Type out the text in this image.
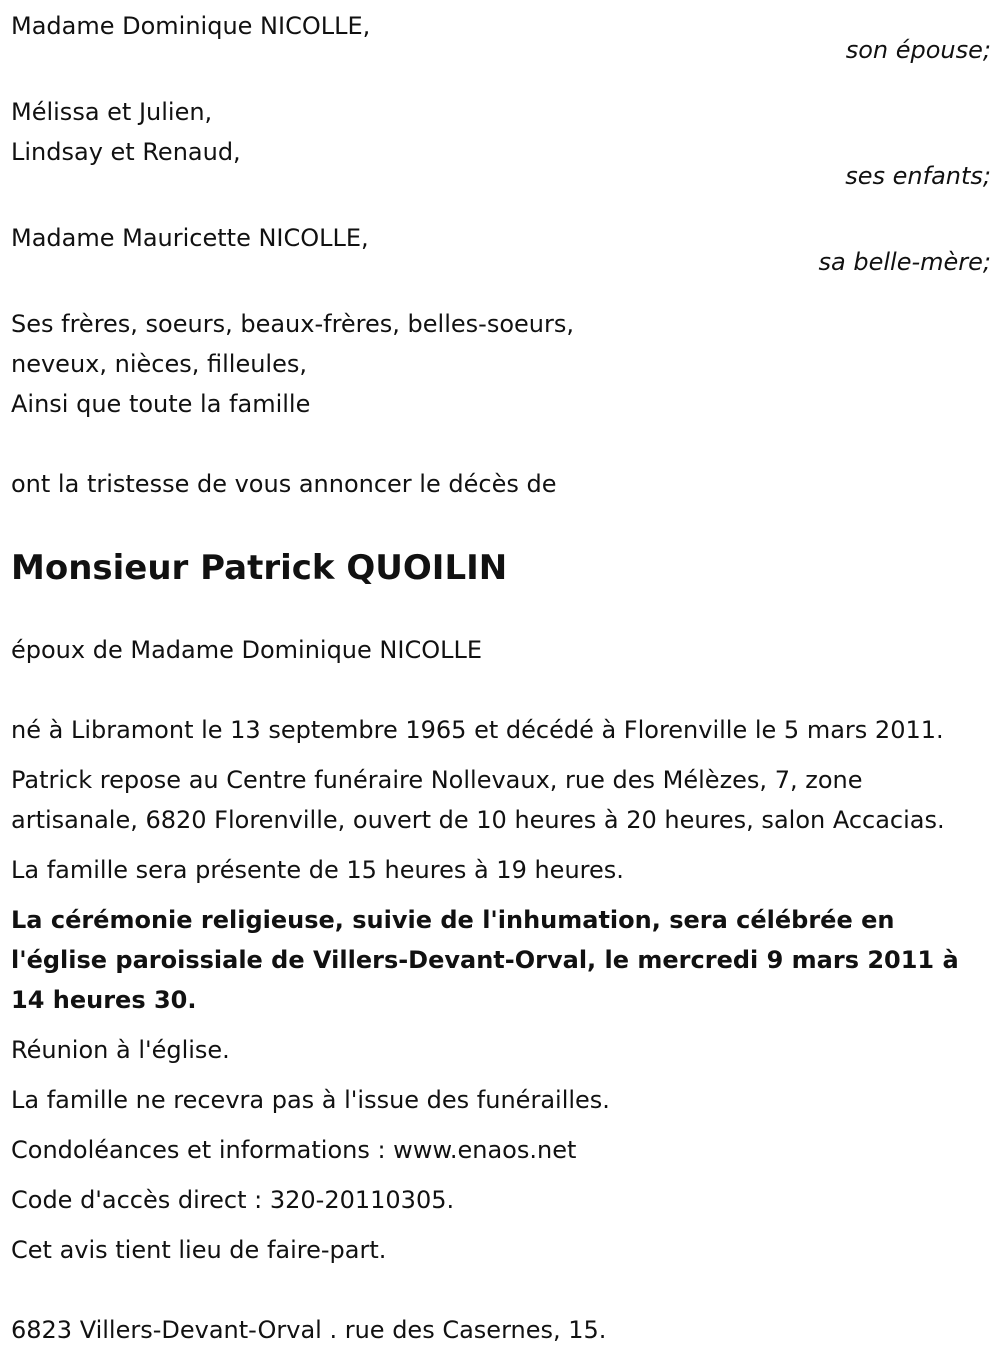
Madame Dominique NICOLLE,
son épouse;
Mélissa et Julien,
Lindsay et Renaud,
ses enfants;
Madame Mauricette NICOLLE,
sa belle-mère;
Ses frères, soeurs, beaux-frères, belles-soeurs,
neveux, nièces, filleules,
Ainsi que toute la famille
ont la tristesse de vous annoncer le décès de
Monsieur Patrick QUOILIN
époux de Madame Dominique NICOLLE
né à Libramont le 13 septembre 1965 et décédé à Florenville le 5 mars 2011.
Patrick repose au Centre funéraire Nollevaux, rue des Mélèzes, 7, zone artisanale, 6820 Florenville, ouvert de 10 heures à 20 heures, salon Accacias.
La famille sera présente de 15 heures à 19 heures.
La cérémonie religieuse, suivie de l'inhumation, sera célébrée en l'église paroissiale de Villers-Devant-Orval, le mercredi 9 mars 2011 à 14 heures 30.
Réunion à l'église.
La famille ne recevra pas à l'issue des funérailles.
Condoléances et informations : www.enaos.net
Code d'accès direct : 320-20110305.
Cet avis tient lieu de faire-part.
6823 Villers-Devant-Orval . rue des Casernes, 15.
